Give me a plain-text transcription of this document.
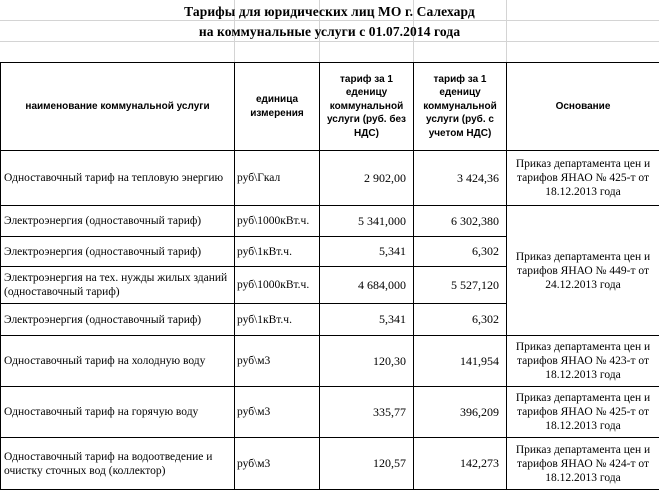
Тарифы для юридических лиц МО г. Салехард
на коммунальные услуги с 01.07.2014 года
наименование коммунальной услуги	единица измерения	тариф за 1 еденицу коммунальной услуги (руб. без НДС)	тариф за 1 еденицу коммунальной услуги (руб. с учетом НДС)	Основание
Одноставочный тариф на тепловую энергию	руб\Гкал	2 902,00	3 424,36	Приказ департамента цен и тарифов ЯНАО № 425-т от 18.12.2013 года
Электроэнергия (одноставочный тариф)	руб\1000кВт.ч.	5 341,000	6 302,380	Приказ департамента цен и тарифов ЯНАО № 449-т от 24.12.2013 года
Электроэнергия (одноставочный тариф)	руб\1кВт.ч.	5,341	6,302	
Электроэнергия на тех. нужды жилых зданий (одноставочный тариф)	руб\1000кВт.ч.	4 684,000	5 527,120	
Электроэнергия (одноставочный тариф)	руб\1кВт.ч.	5,341	6,302	
Одноставочный тариф на холодную воду	руб\м3	120,30	141,954	Приказ департамента цен и тарифов ЯНАО № 423-т от 18.12.2013 года
Одноставочный тариф на горячую воду	руб\м3	335,77	396,209	Приказ департамента цен и тарифов ЯНАО № 425-т от 18.12.2013 года
Одноставочный тариф на водоотведение и очистку сточных вод (коллектор)	руб\м3	120,57	142,273	Приказ департамента цен и тарифов ЯНАО № 424-т от 18.12.2013 года
